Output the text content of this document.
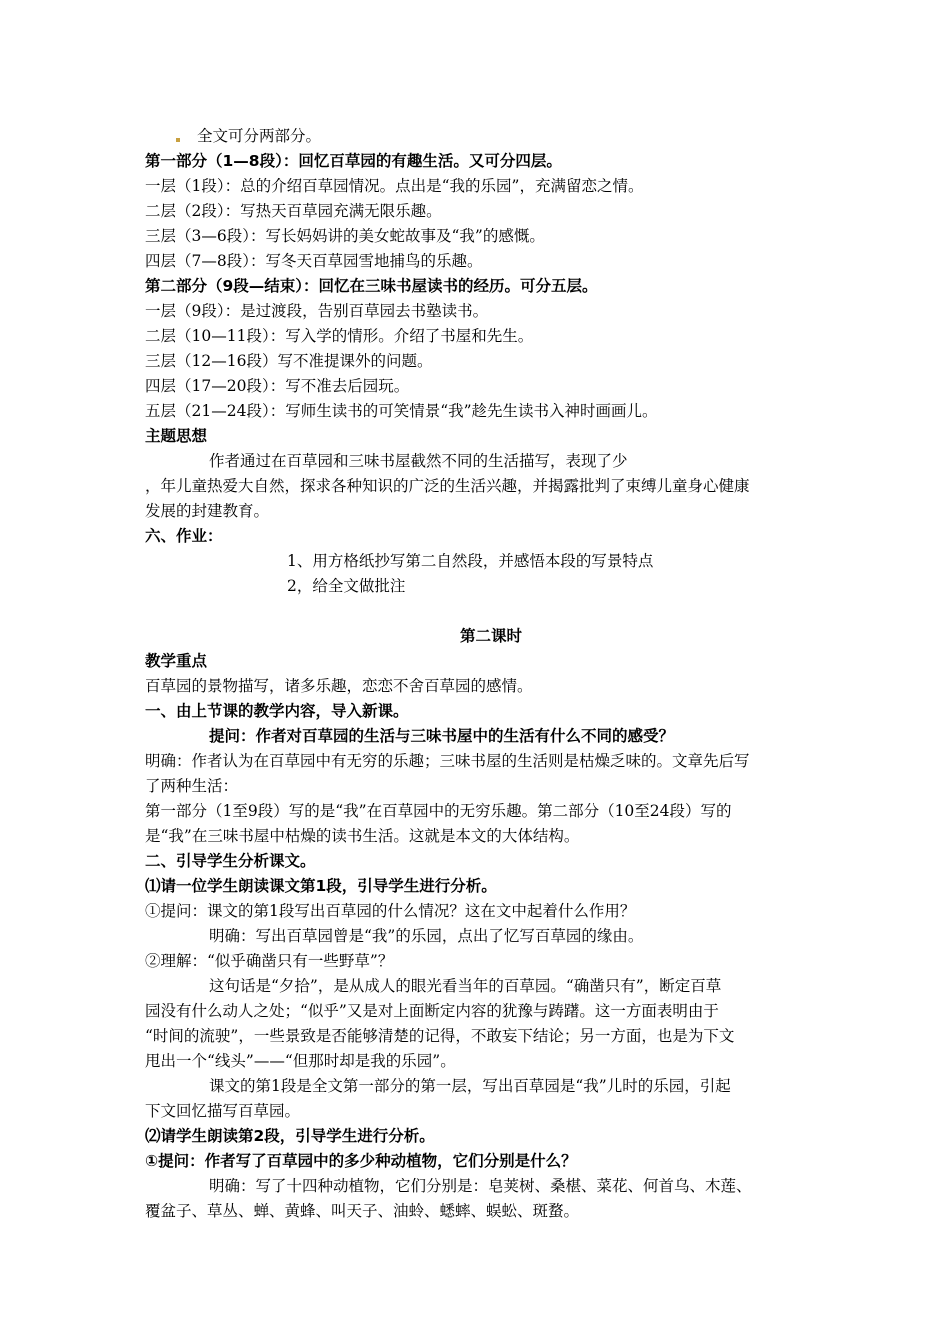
全文可分两部分。
第一部分（1—8段）：回忆百草园的有趣生活。又可分四层。
一层（1段）：总的介绍百草园情况。点出是“我的乐园”，充满留恋之情。
二层（2段）：写热天百草园充满无限乐趣。
三层（3—6段）：写长妈妈讲的美女蛇故事及“我”的感慨。
四层（7—8段）：写冬天百草园雪地捕鸟的乐趣。
第二部分（9段—结束）：回忆在三味书屋读书的经历。可分五层。
一层（9段）：是过渡段，告别百草园去书塾读书。
二层（10—11段）：写入学的情形。介绍了书屋和先生。
三层（12—16段）写不准提课外的问题。
四层（17—20段）：写不准去后园玩。
五层（21—24段）：写师生读书的可笑情景“我”趁先生读书入神时画画儿。
主题思想
作者通过在百草园和三味书屋截然不同的生活描写，表现了少
，年儿童热爱大自然，探求各种知识的广泛的生活兴趣，并揭露批判了束缚儿童身心健康
发展的封建教育。
六、作业：
1、用方格纸抄写第二自然段，并感悟本段的写景特点
2，给全文做批注
第二课时
教学重点
百草园的景物描写，诸多乐趣，恋恋不舍百草园的感情。
一、由上节课的教学内容，导入新课。
提问：作者对百草园的生活与三味书屋中的生活有什么不同的感受？
明确：作者认为在百草园中有无穷的乐趣；三味书屋的生活则是枯燥乏味的。文章先后写
了两种生活：
第一部分（1至9段）写的是“我”在百草园中的无穷乐趣。第二部分（10至24段）写的
是“我”在三味书屋中枯燥的读书生活。这就是本文的大体结构。
二、引导学生分析课文。
⑴请一位学生朗读课文第1段，引导学生进行分析。
①提问：课文的第1段写出百草园的什么情况？这在文中起着什么作用？
明确：写出百草园曾是“我”的乐园，点出了忆写百草园的缘由。
②理解：“似乎确凿只有一些野草”？
这句话是“夕拾”，是从成人的眼光看当年的百草园。“确凿只有”，断定百草
园没有什么动人之处；“似乎”又是对上面断定内容的犹豫与踌躇。这一方面表明由于
“时间的流驶”，一些景致是否能够清楚的记得，不敢妄下结论；另一方面，也是为下文
甩出一个“线头”——“但那时却是我的乐园”。
课文的第1段是全文第一部分的第一层，写出百草园是“我”儿时的乐园，引起
下文回忆描写百草园。
⑵请学生朗读第2段，引导学生进行分析。
①提问：作者写了百草园中的多少种动植物，它们分别是什么？
明确：写了十四种动植物，它们分别是：皂荚树、桑椹、菜花、何首乌、木莲、
覆盆子、草丛、蝉、黄蜂、叫天子、油蛉、蟋蟀、蜈蚣、斑蝥。
